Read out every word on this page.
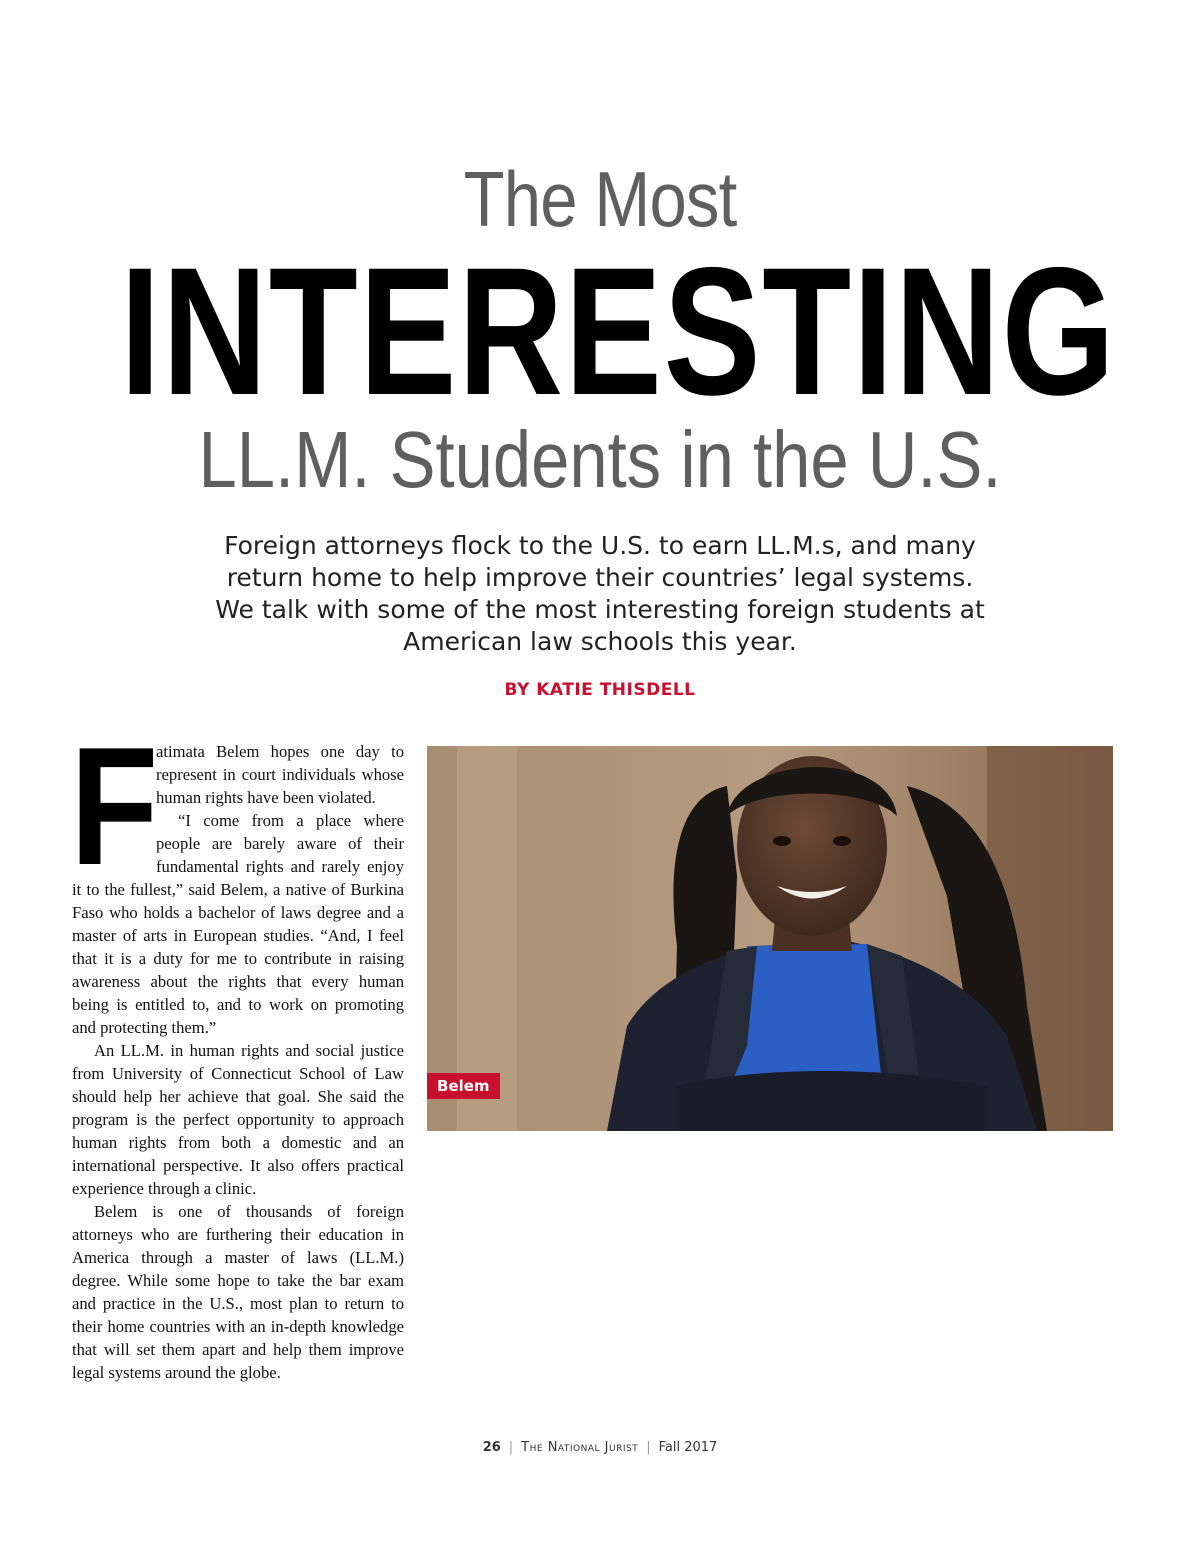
The Most
INTERESTING
LL.M. Students in the U.S.
Foreign attorneys flock to the U.S. to earn LL.M.s, and many return home to help improve their countries’ legal systems. We talk with some of the most interesting foreign students at American law schools this year.
BY KATIE THISDELL

F
atimata Belem hopes one day to represent in court individuals whose human rights have been violated.

“I come from a place where people are barely aware of their fundamental rights and rarely enjoy it to the fullest,” said Belem, a native of Burkina Faso who holds a bachelor of laws degree and a master of arts in European studies. “And, I feel that it is a duty for me to contribute in raising awareness about the rights that every human being is entitled to, and to work on promoting and protecting them.”

An LL.M. in human rights and social justice from University of Connecticut School of Law should help her achieve that goal. She said the program is the perfect opportunity to approach human rights from both a domestic and an international perspective. It also offers practical experience through a clinic.

Belem is one of thousands of foreign attorneys who are furthering their education in America through a master of laws (LL.M.) degree. While some hope to take the bar exam and practice in the U.S., most plan to return to their home countries with an in-depth knowledge that will set them apart and help them improve legal systems around the globe.

Belem
26 | The National Jurist | Fall 2017
